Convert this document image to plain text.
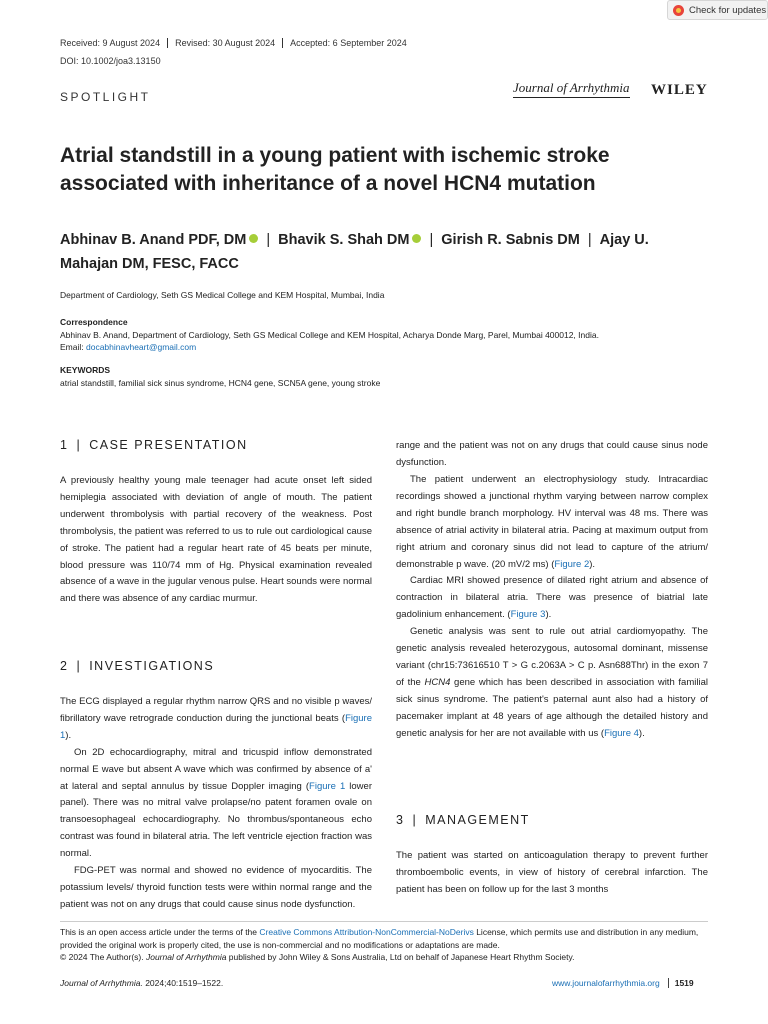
Check for updates
Received: 9 August 2024	Revised: 30 August 2024	Accepted: 6 September 2024
DOI: 10.1002/joa3.13150
SPOTLIGHT
Journal of Arrhythmia WILEY
Atrial standstill in a young patient with ischemic stroke associated with inheritance of a novel HCN4 mutation
Abhinav B. Anand PDF, DM | Bhavik S. Shah DM | Girish R. Sabnis DM | Ajay U. Mahajan DM, FESC, FACC
Department of Cardiology, Seth GS Medical College and KEM Hospital, Mumbai, India
Correspondence
Abhinav B. Anand, Department of Cardiology, Seth GS Medical College and KEM Hospital, Acharya Donde Marg, Parel, Mumbai 400012, India.
Email: docabhinavheart@gmail.com
KEYWORDS
atrial standstill, familial sick sinus syndrome, HCN4 gene, SCN5A gene, young stroke
1 | CASE PRESENTATION

A previously healthy young male teenager had acute onset left sided hemiplegia associated with deviation of angle of mouth. The patient underwent thrombolysis with partial recovery of the weakness. Post thrombolysis, the patient was referred to us to rule out cardiological cause of stroke. The patient had a regular heart rate of 45 beats per minute, blood pressure was 110/74 mm of Hg. Physical examination revealed absence of a wave in the jugular venous pulse. Heart sounds were normal and there was absence of any cardiac murmur.

2 | INVESTIGATIONS

The ECG displayed a regular rhythm narrow QRS and no visible p waves/ fibrillatory wave retrograde conduction during the junctional beats (Figure 1).

On 2D echocardiography, mitral and tricuspid inflow demonstrated normal E wave but absent A wave which was confirmed by absence of a' at lateral and septal annulus by tissue Doppler imaging (Figure 1 lower panel). There was no mitral valve prolapse/no patent foramen ovale on transoesophageal echocardiography. No thrombus/spontaneous echo contrast was found in bilateral atria. The left ventricle ejection fraction was normal.

FDG-PET was normal and showed no evidence of myocarditis. The potassium levels/ thyroid function tests were within normal range and the patient was not on any drugs that could cause sinus node dysfunction.

range and the patient was not on any drugs that could cause sinus node dysfunction.

The patient underwent an electrophysiology study. Intracardiac recordings showed a junctional rhythm varying between narrow complex and right bundle branch morphology. HV interval was 48 ms. There was absence of atrial activity in bilateral atria. Pacing at maximum output from right atrium and coronary sinus did not lead to capture of the atrium/ demonstrable p wave. (20 mV/2 ms) (Figure 2).

Cardiac MRI showed presence of dilated right atrium and absence of contraction in bilateral atria. There was presence of biatrial late gadolinium enhancement. (Figure 3).

Genetic analysis was sent to rule out atrial cardiomyopathy. The genetic analysis revealed heterozygous, autosomal dominant, missense variant (chr15:73616510 T > G c.2063A > C p. Asn688Thr) in the exon 7 of the HCN4 gene which has been described in association with familial sick sinus syndrome. The patient's paternal aunt also had a history of pacemaker implant at 48 years of age although the detailed history and genetic analysis for her are not available with us (Figure 4).

3 | MANAGEMENT

The patient was started on anticoagulation therapy to prevent further thromboembolic events, in view of history of cerebral infarction. The patient has been on follow up for the last 3 months

This is an open access article under the terms of the Creative Commons Attribution-NonCommercial-NoDerivs License, which permits use and distribution in any medium, provided the original work is properly cited, the use is non-commercial and no modifications or adaptations are made.
© 2024 The Author(s). Journal of Arrhythmia published by John Wiley & Sons Australia, Ltd on behalf of Japanese Heart Rhythm Society.
Journal of Arrhythmia. 2024;40:1519–1522.	www.journalofarrhythmia.org	1519
